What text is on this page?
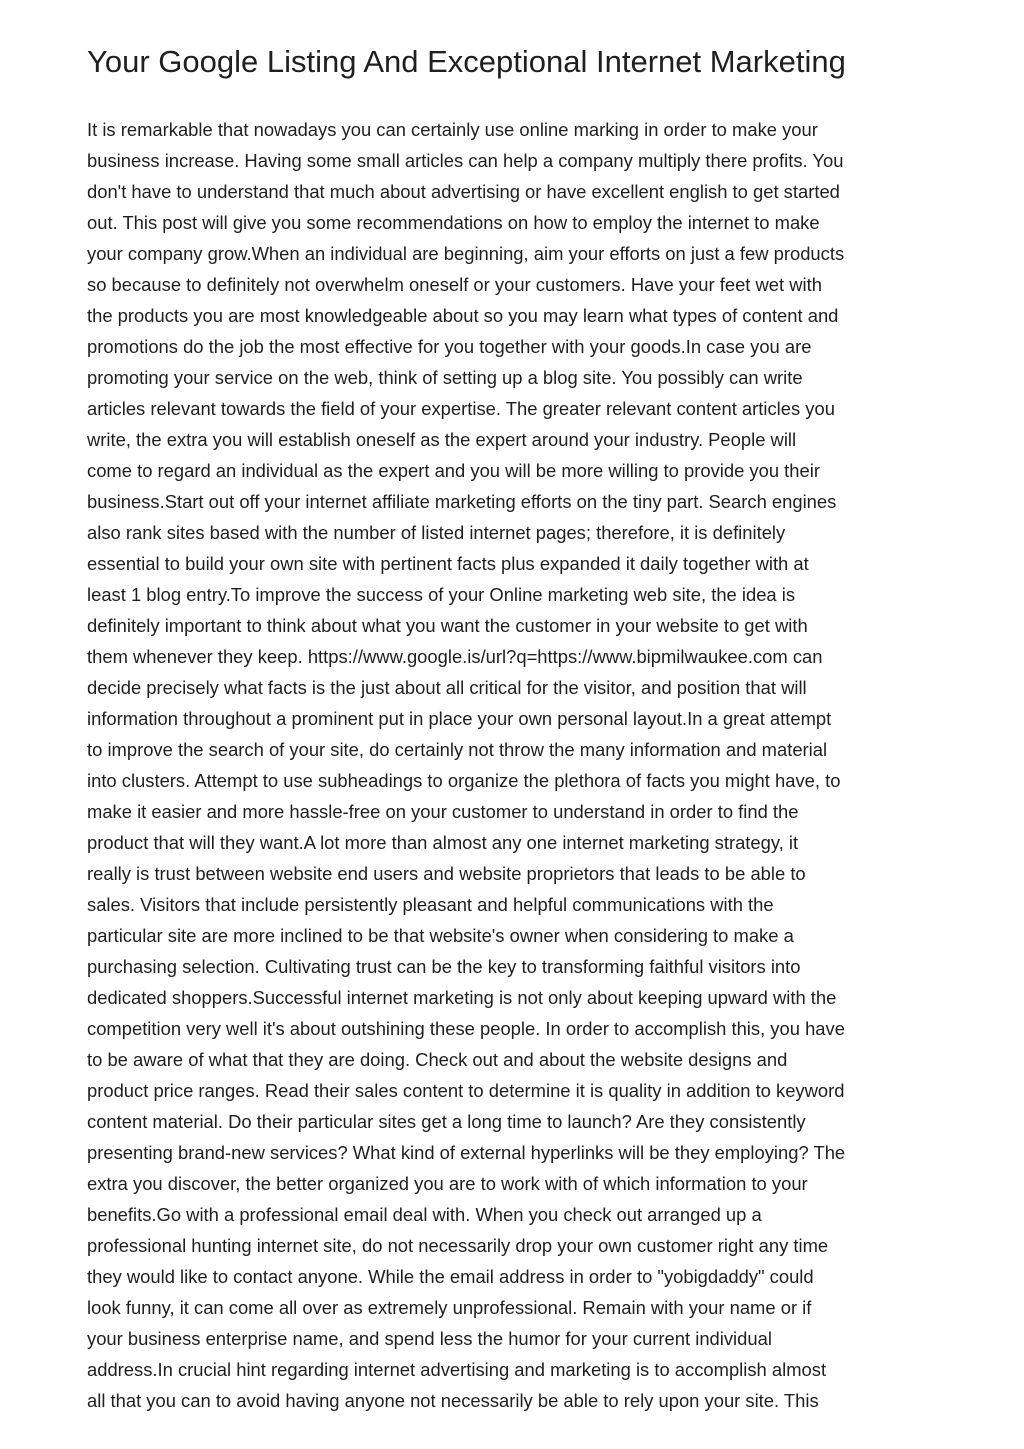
Your Google Listing And Exceptional Internet Marketing
It is remarkable that nowadays you can certainly use online marking in order to make your
business increase. Having some small articles can help a company multiply there profits. You
don't have to understand that much about advertising or have excellent english to get started
out. This post will give you some recommendations on how to employ the internet to make
your company grow.When an individual are beginning, aim your efforts on just a few products
so because to definitely not overwhelm oneself or your customers. Have your feet wet with
the products you are most knowledgeable about so you may learn what types of content and
promotions do the job the most effective for you together with your goods.In case you are
promoting your service on the web, think of setting up a blog site. You possibly can write
articles relevant towards the field of your expertise. The greater relevant content articles you
write, the extra you will establish oneself as the expert around your industry. People will
come to regard an individual as the expert and you will be more willing to provide you their
business.Start out off your internet affiliate marketing efforts on the tiny part. Search engines
also rank sites based with the number of listed internet pages; therefore, it is definitely
essential to build your own site with pertinent facts plus expanded it daily together with at
least 1 blog entry.To improve the success of your Online marketing web site, the idea is
definitely important to think about what you want the customer in your website to get with
them whenever they keep. https://www.google.is/url?q=https://www.bipmilwaukee.com can
decide precisely what facts is the just about all critical for the visitor, and position that will
information throughout a prominent put in place your own personal layout.In a great attempt
to improve the search of your site, do certainly not throw the many information and material
into clusters. Attempt to use subheadings to organize the plethora of facts you might have, to
make it easier and more hassle-free on your customer to understand in order to find the
product that will they want.A lot more than almost any one internet marketing strategy, it
really is trust between website end users and website proprietors that leads to be able to
sales. Visitors that include persistently pleasant and helpful communications with the
particular site are more inclined to be that website's owner when considering to make a
purchasing selection. Cultivating trust can be the key to transforming faithful visitors into
dedicated shoppers.Successful internet marketing is not only about keeping upward with the
competition very well it's about outshining these people. In order to accomplish this, you have
to be aware of what that they are doing. Check out and about the website designs and
product price ranges. Read their sales content to determine it is quality in addition to keyword
content material. Do their particular sites get a long time to launch? Are they consistently
presenting brand-new services? What kind of external hyperlinks will be they employing? The
extra you discover, the better organized you are to work with of which information to your
benefits.Go with a professional email deal with. When you check out arranged up a
professional hunting internet site, do not necessarily drop your own customer right any time
they would like to contact anyone. While the email address in order to "yobigdaddy" could
look funny, it can come all over as extremely unprofessional. Remain with your name or if
your business enterprise name, and spend less the humor for your current individual
address.In crucial hint regarding internet advertising and marketing is to accomplish almost
all that you can to avoid having anyone not necessarily be able to rely upon your site. This
